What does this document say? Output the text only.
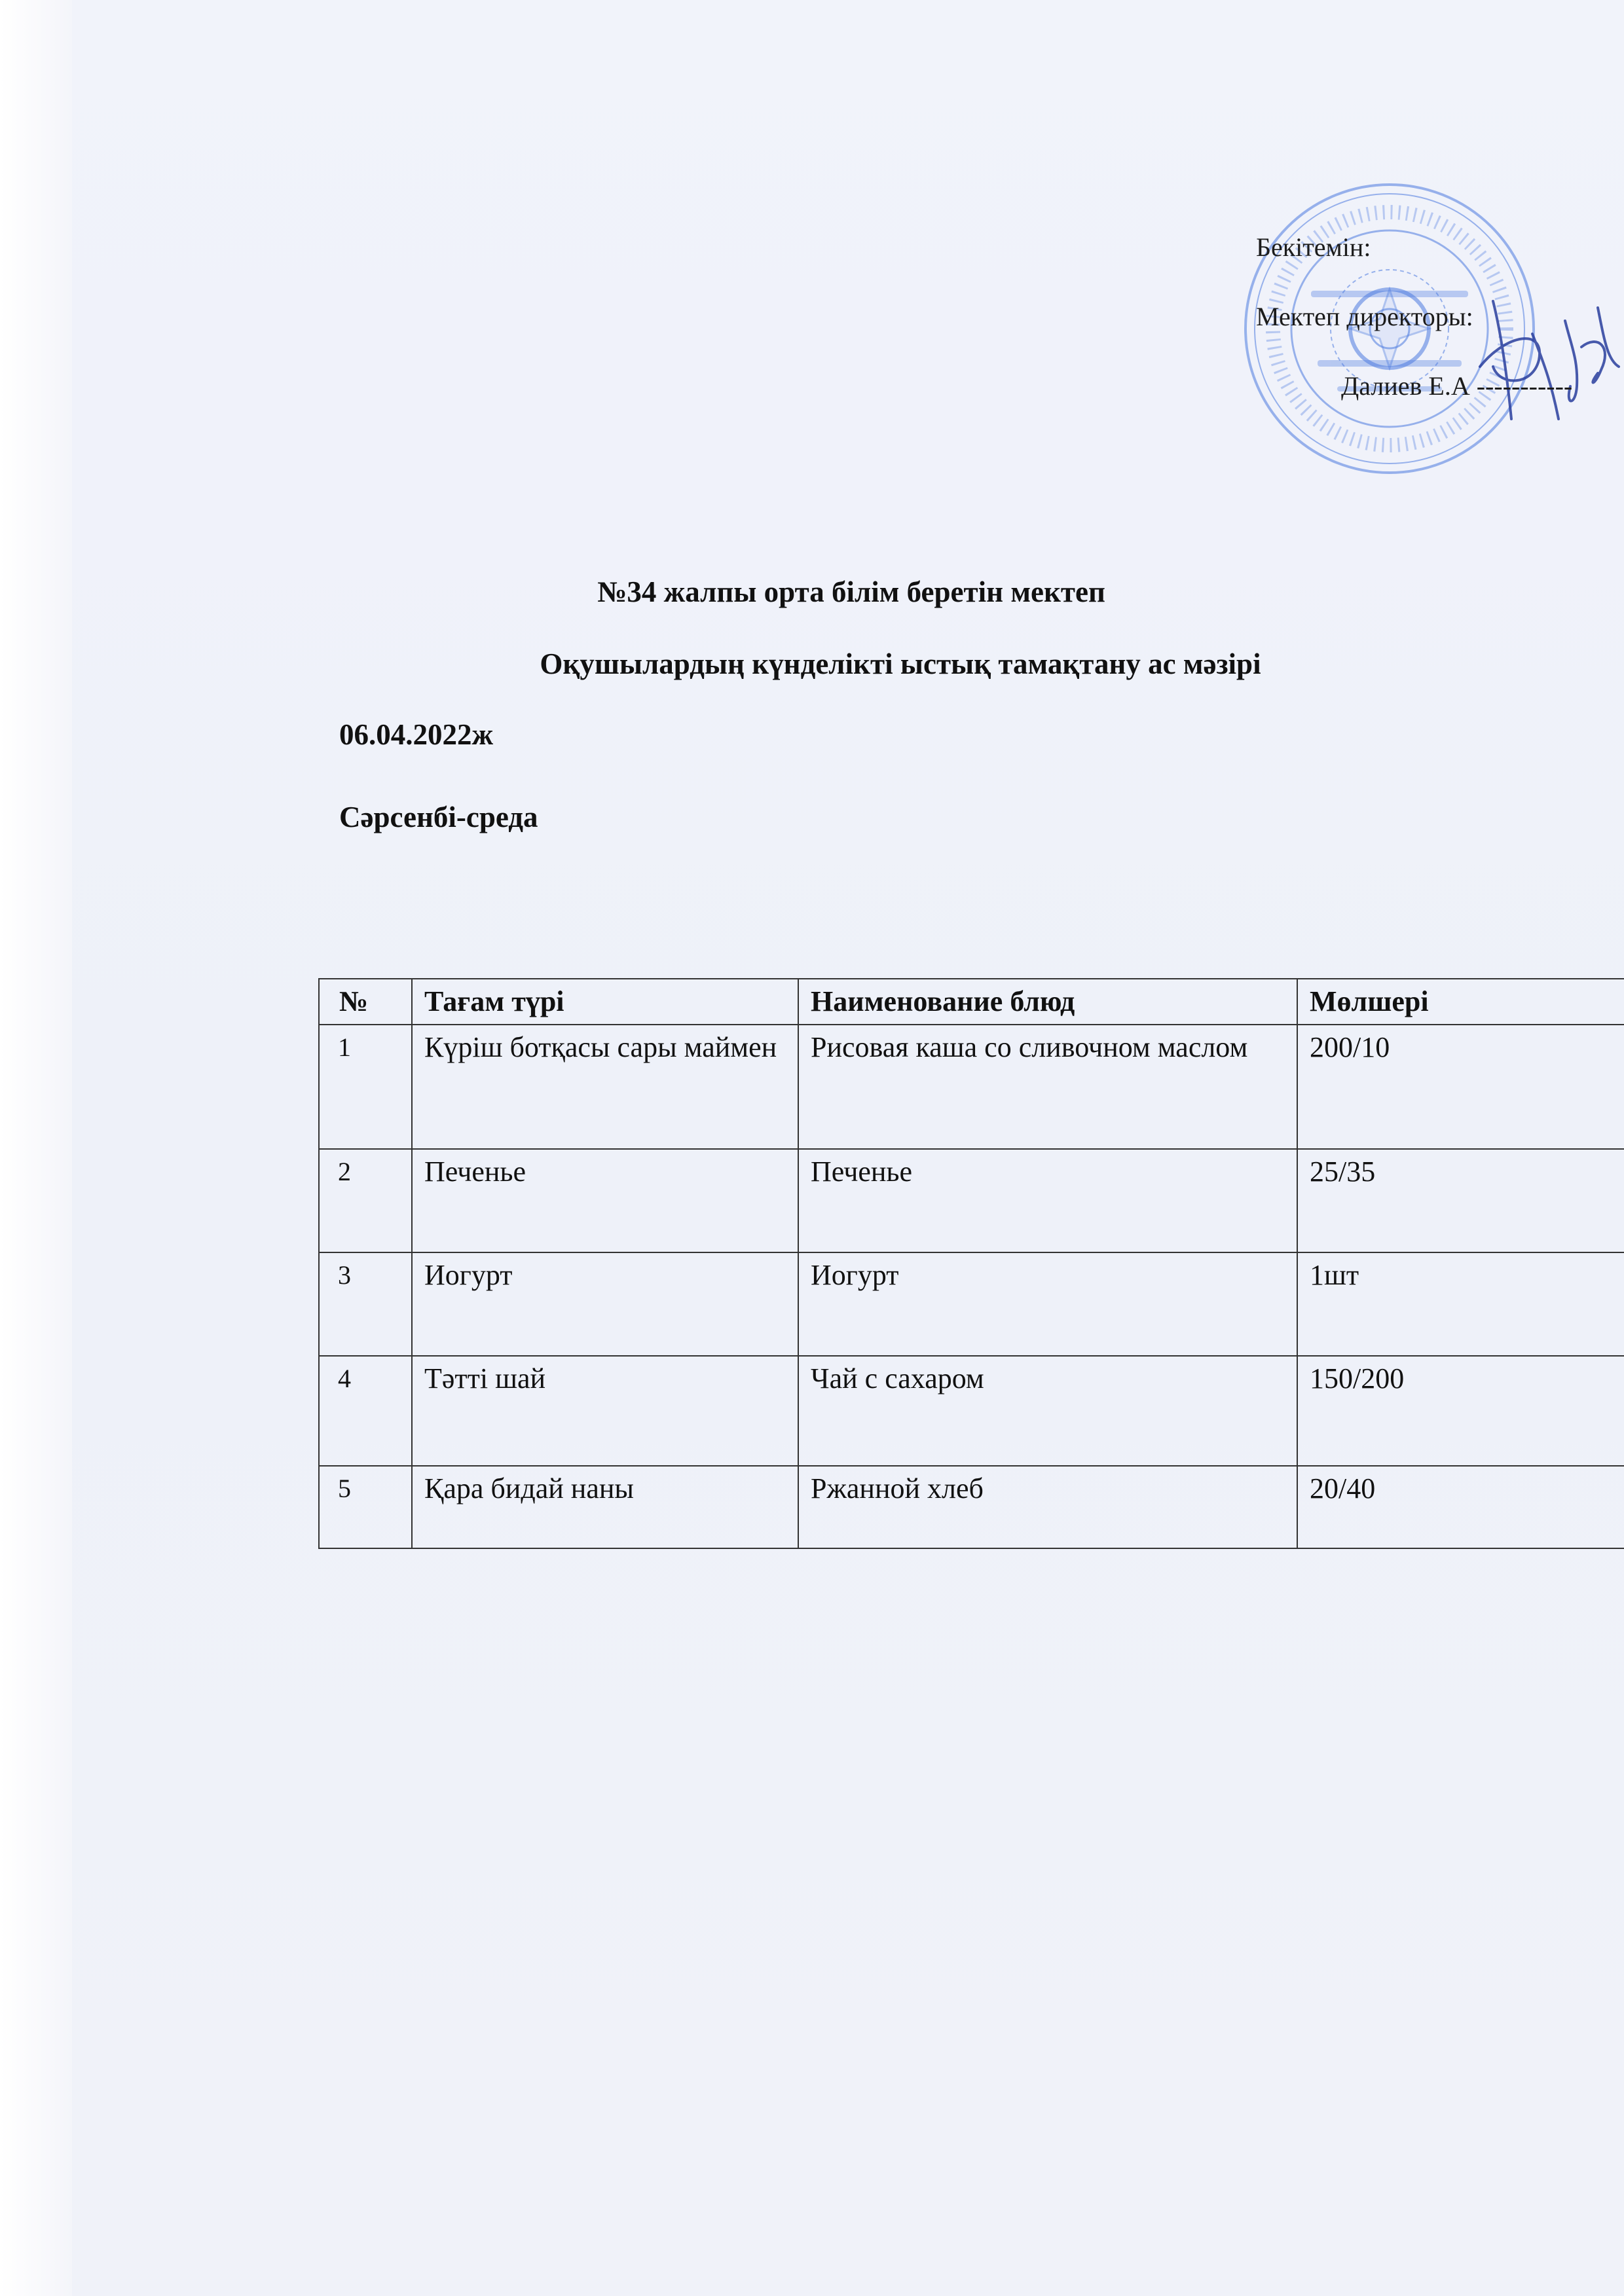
Бекітемін:
Мектеп директоры:
Далиев Е.А -----------
№34 жалпы орта білім беретін мектеп
Оқушылардың күнделікті ыстық тамақтану ас мәзірі
06.04.2022ж
Сәрсенбі-среда
№	Тағам түрі	Наименование блюд	Мөлшері
1	Күріш ботқасы сары маймен	Рисовая каша со сливочном маслом	200/10
2	Печенье	Печенье	25/35
3	Иогурт	Иогурт	1шт
4	Тәтті шай	Чай с сахаром	150/200
5	Қара бидай наны	Ржанной хлеб	20/40
